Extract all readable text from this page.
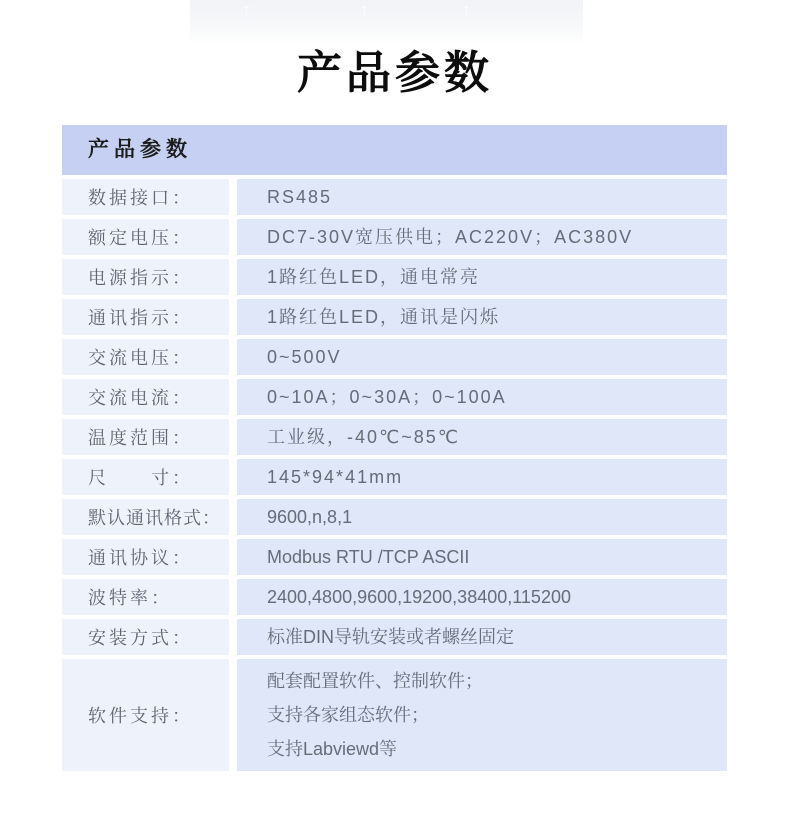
↑	↑	↑
产品参数
产品参数
数据接口：	RS485
额定电压：	DC7-30V宽压供电；AC220V；AC380V
电源指示：	1路红色LED，通电常亮
通讯指示：	1路红色LED，通讯是闪烁
交流电压：	0~500V
交流电流：	0~10A；0~30A；0~100A
温度范围：	工业级，-40℃~85℃
尺　　寸：	145*94*41mm
默认通讯格式：	9600,n,8,1
通讯协议：	Modbus RTU /TCP ASCII
波特率：	2400,4800,9600,19200,38400,115200
安装方式：	标准DIN导轨安装或者螺丝固定
软件支持：
配套配置软件、控制软件；
支持各家组态软件；
支持Labviewd等
